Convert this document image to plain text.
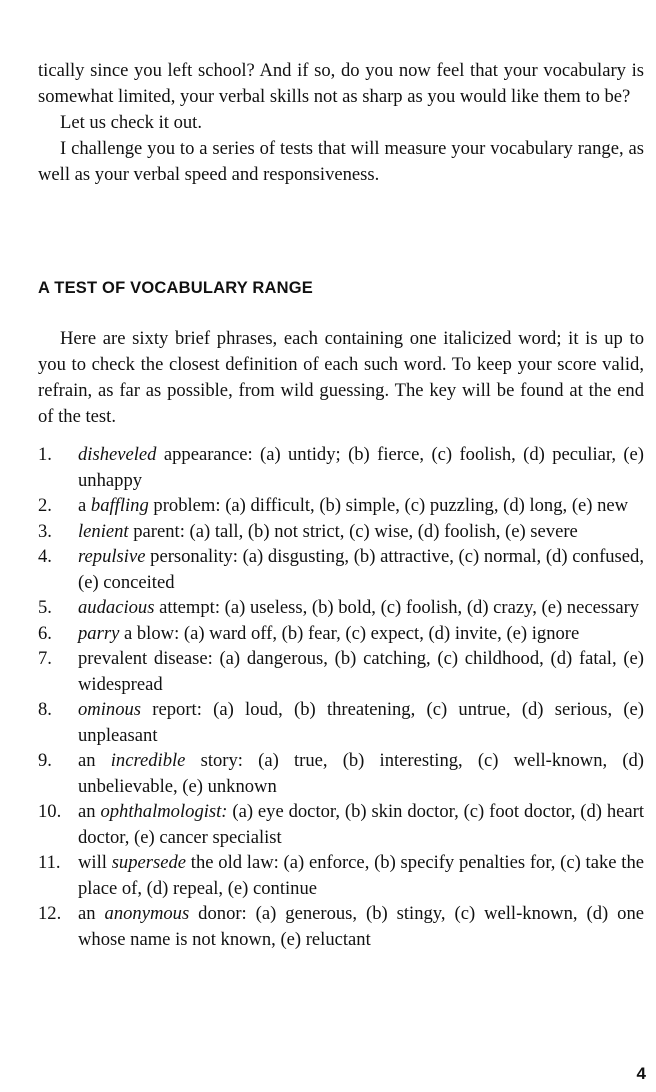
tically since you left school? And if so, do you now feel that your vocabulary is somewhat limited, your verbal skills not as sharp as you would like them to be?

Let us check it out.

I challenge you to a series of tests that will measure your vocabulary range, as well as your verbal speed and responsiveness.

A TEST OF VOCABULARY RANGE

Here are sixty brief phrases, each containing one italicized word; it is up to you to check the closest definition of each such word. To keep your score valid, refrain, as far as possible, from wild guessing. The key will be found at the end of the test.

1.	disheveled appearance: (a) untidy; (b) fierce, (c) foolish, (d) peculiar, (e) unhappy
2.	a baffling problem: (a) difficult, (b) simple, (c) puzzling, (d) long, (e) new
3.	lenient parent: (a) tall, (b) not strict, (c) wise, (d) foolish, (e) severe
4.	repulsive personality: (a) disgusting, (b) attractive, (c) normal, (d) confused, (e) conceited
5.	audacious attempt: (a) useless, (b) bold, (c) foolish, (d) crazy, (e) necessary
6.	parry a blow: (a) ward off, (b) fear, (c) expect, (d) invite, (e) ignore
7.	prevalent disease: (a) dangerous, (b) catching, (c) childhood, (d) fatal, (e) widespread
8.	ominous report: (a) loud, (b) threatening, (c) untrue, (d) serious, (e) unpleasant
9.	an incredible story: (a) true, (b) interesting, (c) well-known, (d) unbelievable, (e) unknown
10. an ophthalmologist: (a) eye doctor, (b) skin doctor, (c) foot doctor, (d) heart doctor, (e) cancer specialist
11. will supersede the old law: (a) enforce, (b) specify penalties for, (c) take the place of, (d) repeal, (e) continue
12. an anonymous donor: (a) generous, (b) stingy, (c) well-known, (d) one whose name is not known, (e) reluctant
4
